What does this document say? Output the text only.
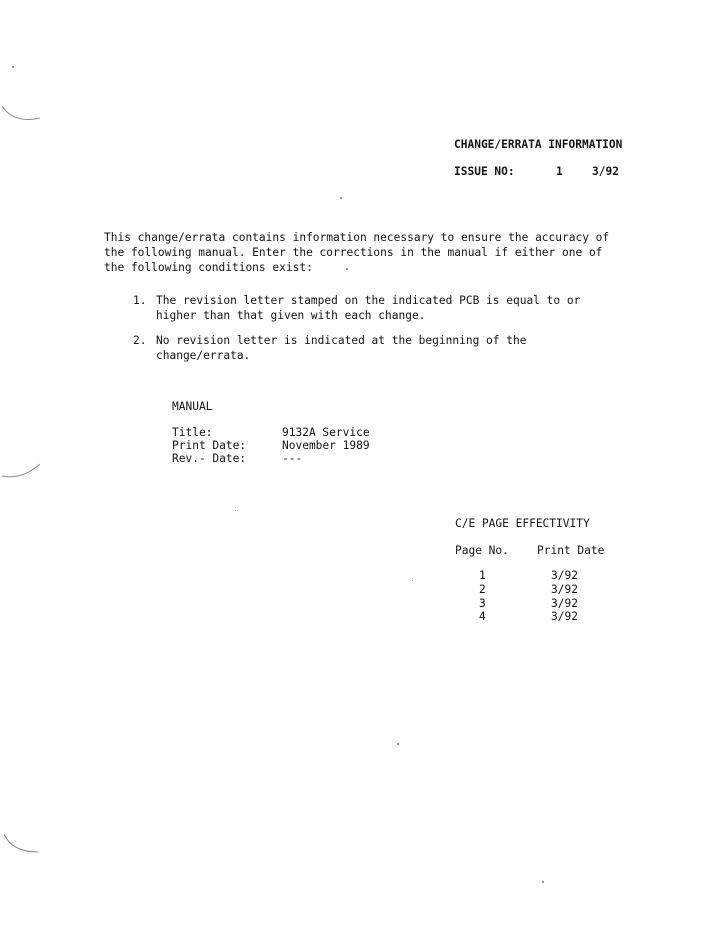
CHANGE/ERRATA INFORMATION
ISSUE NO:	1	3/92
This change/errata contains information necessary to ensure the accuracy of
the following manual. Enter the corrections in the manual if either one of
the following conditions exist:
1. The revision letter stamped on the indicated PCB is equal to or
higher than that given with each change.
2. No revision letter is indicated at the beginning of the
change/errata.
MANUAL
Title:	9132A Service
Print Date:	November 1989
Rev.- Date:	---
C/E PAGE EFFECTIVITY
Page No.	Print Date
1	3/92
2	3/92
3	3/92
4	3/92
